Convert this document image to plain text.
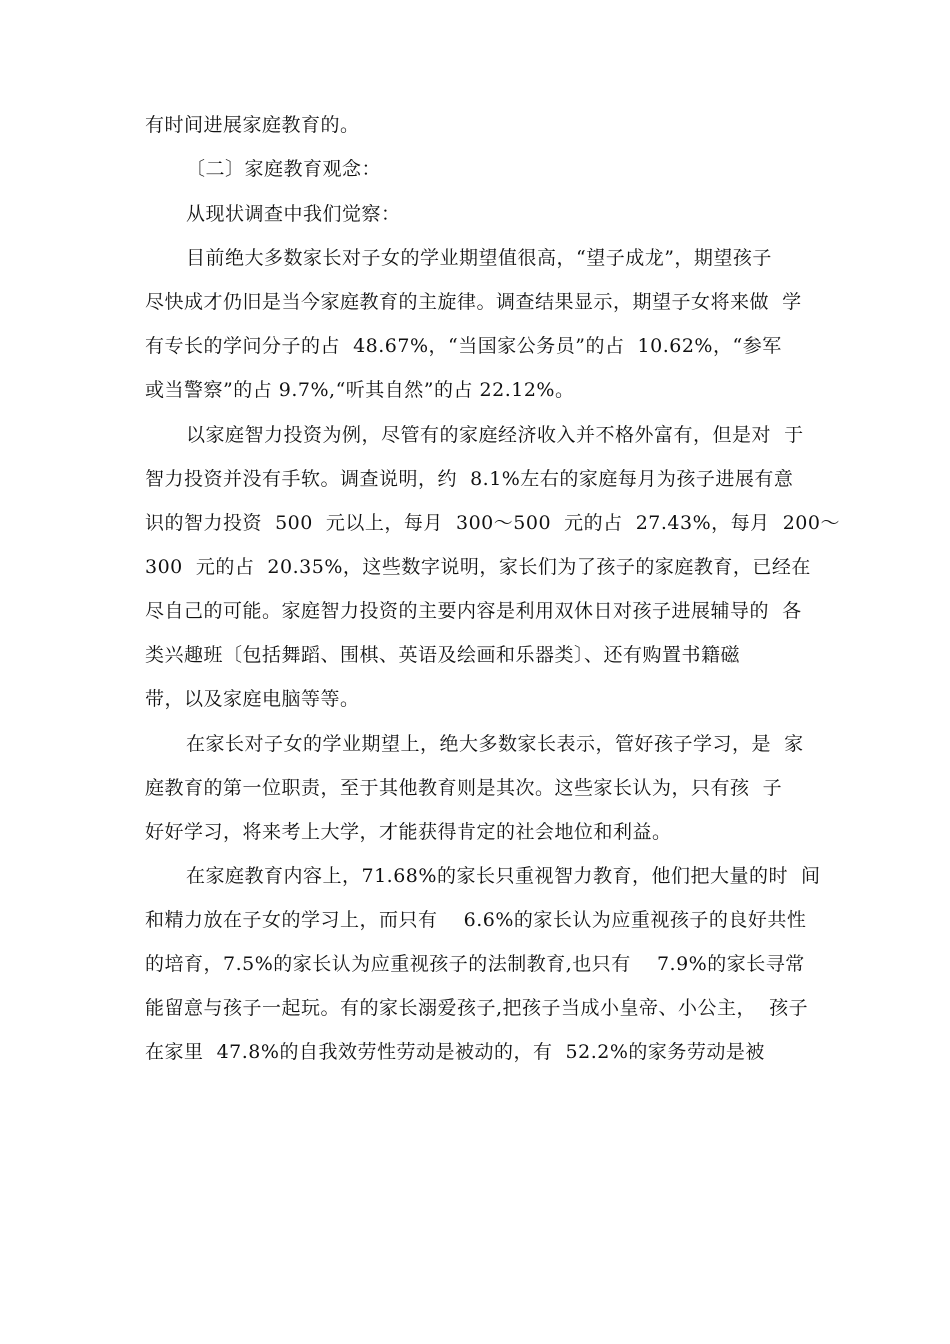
有时间进展家庭教育的。
〔二〕家庭教育观念：
从现状调查中我们觉察：
目前绝大多数家长对子女的学业期望值很高，“望子成龙”，期望孩子
尽快成才仍旧是当今家庭教育的主旋律。调查结果显示，期望子女将来做  学
有专长的学问分子的占  48.67%，“当国家公务员”的占  10.62%，“参军
或当警察”的占 9.7%,“听其自然”的占 22.12%。
以家庭智力投资为例，尽管有的家庭经济收入并不格外富有，但是对  于
智力投资并没有手软。调查说明，约  8.1%左右的家庭每月为孩子进展有意
识的智力投资  500  元以上，每月  300～500  元的占  27.43%，每月  200～
300  元的占  20.35%，这些数字说明，家长们为了孩子的家庭教育，已经在
尽自己的可能。家庭智力投资的主要内容是利用双休日对孩子进展辅导的  各
类兴趣班〔包括舞蹈、围棋、英语及绘画和乐器类〕、还有购置书籍磁
带，以及家庭电脑等等。
在家长对子女的学业期望上，绝大多数家长表示，管好孩子学习，是  家
庭教育的第一位职责，至于其他教育则是其次。这些家长认为，只有孩  子
好好学习，将来考上大学，才能获得肯定的社会地位和利益。
在家庭教育内容上，71.68%的家长只重视智力教育，他们把大量的时  间
和精力放在子女的学习上，而只有    6.6%的家长认为应重视孩子的良好共性
的培育，7.5%的家长认为应重视孩子的法制教育,也只有    7.9%的家长寻常
能留意与孩子一起玩。有的家长溺爱孩子,把孩子当成小皇帝、小公主，  孩子
在家里  47.8%的自我效劳性劳动是被动的，有  52.2%的家务劳动是被
